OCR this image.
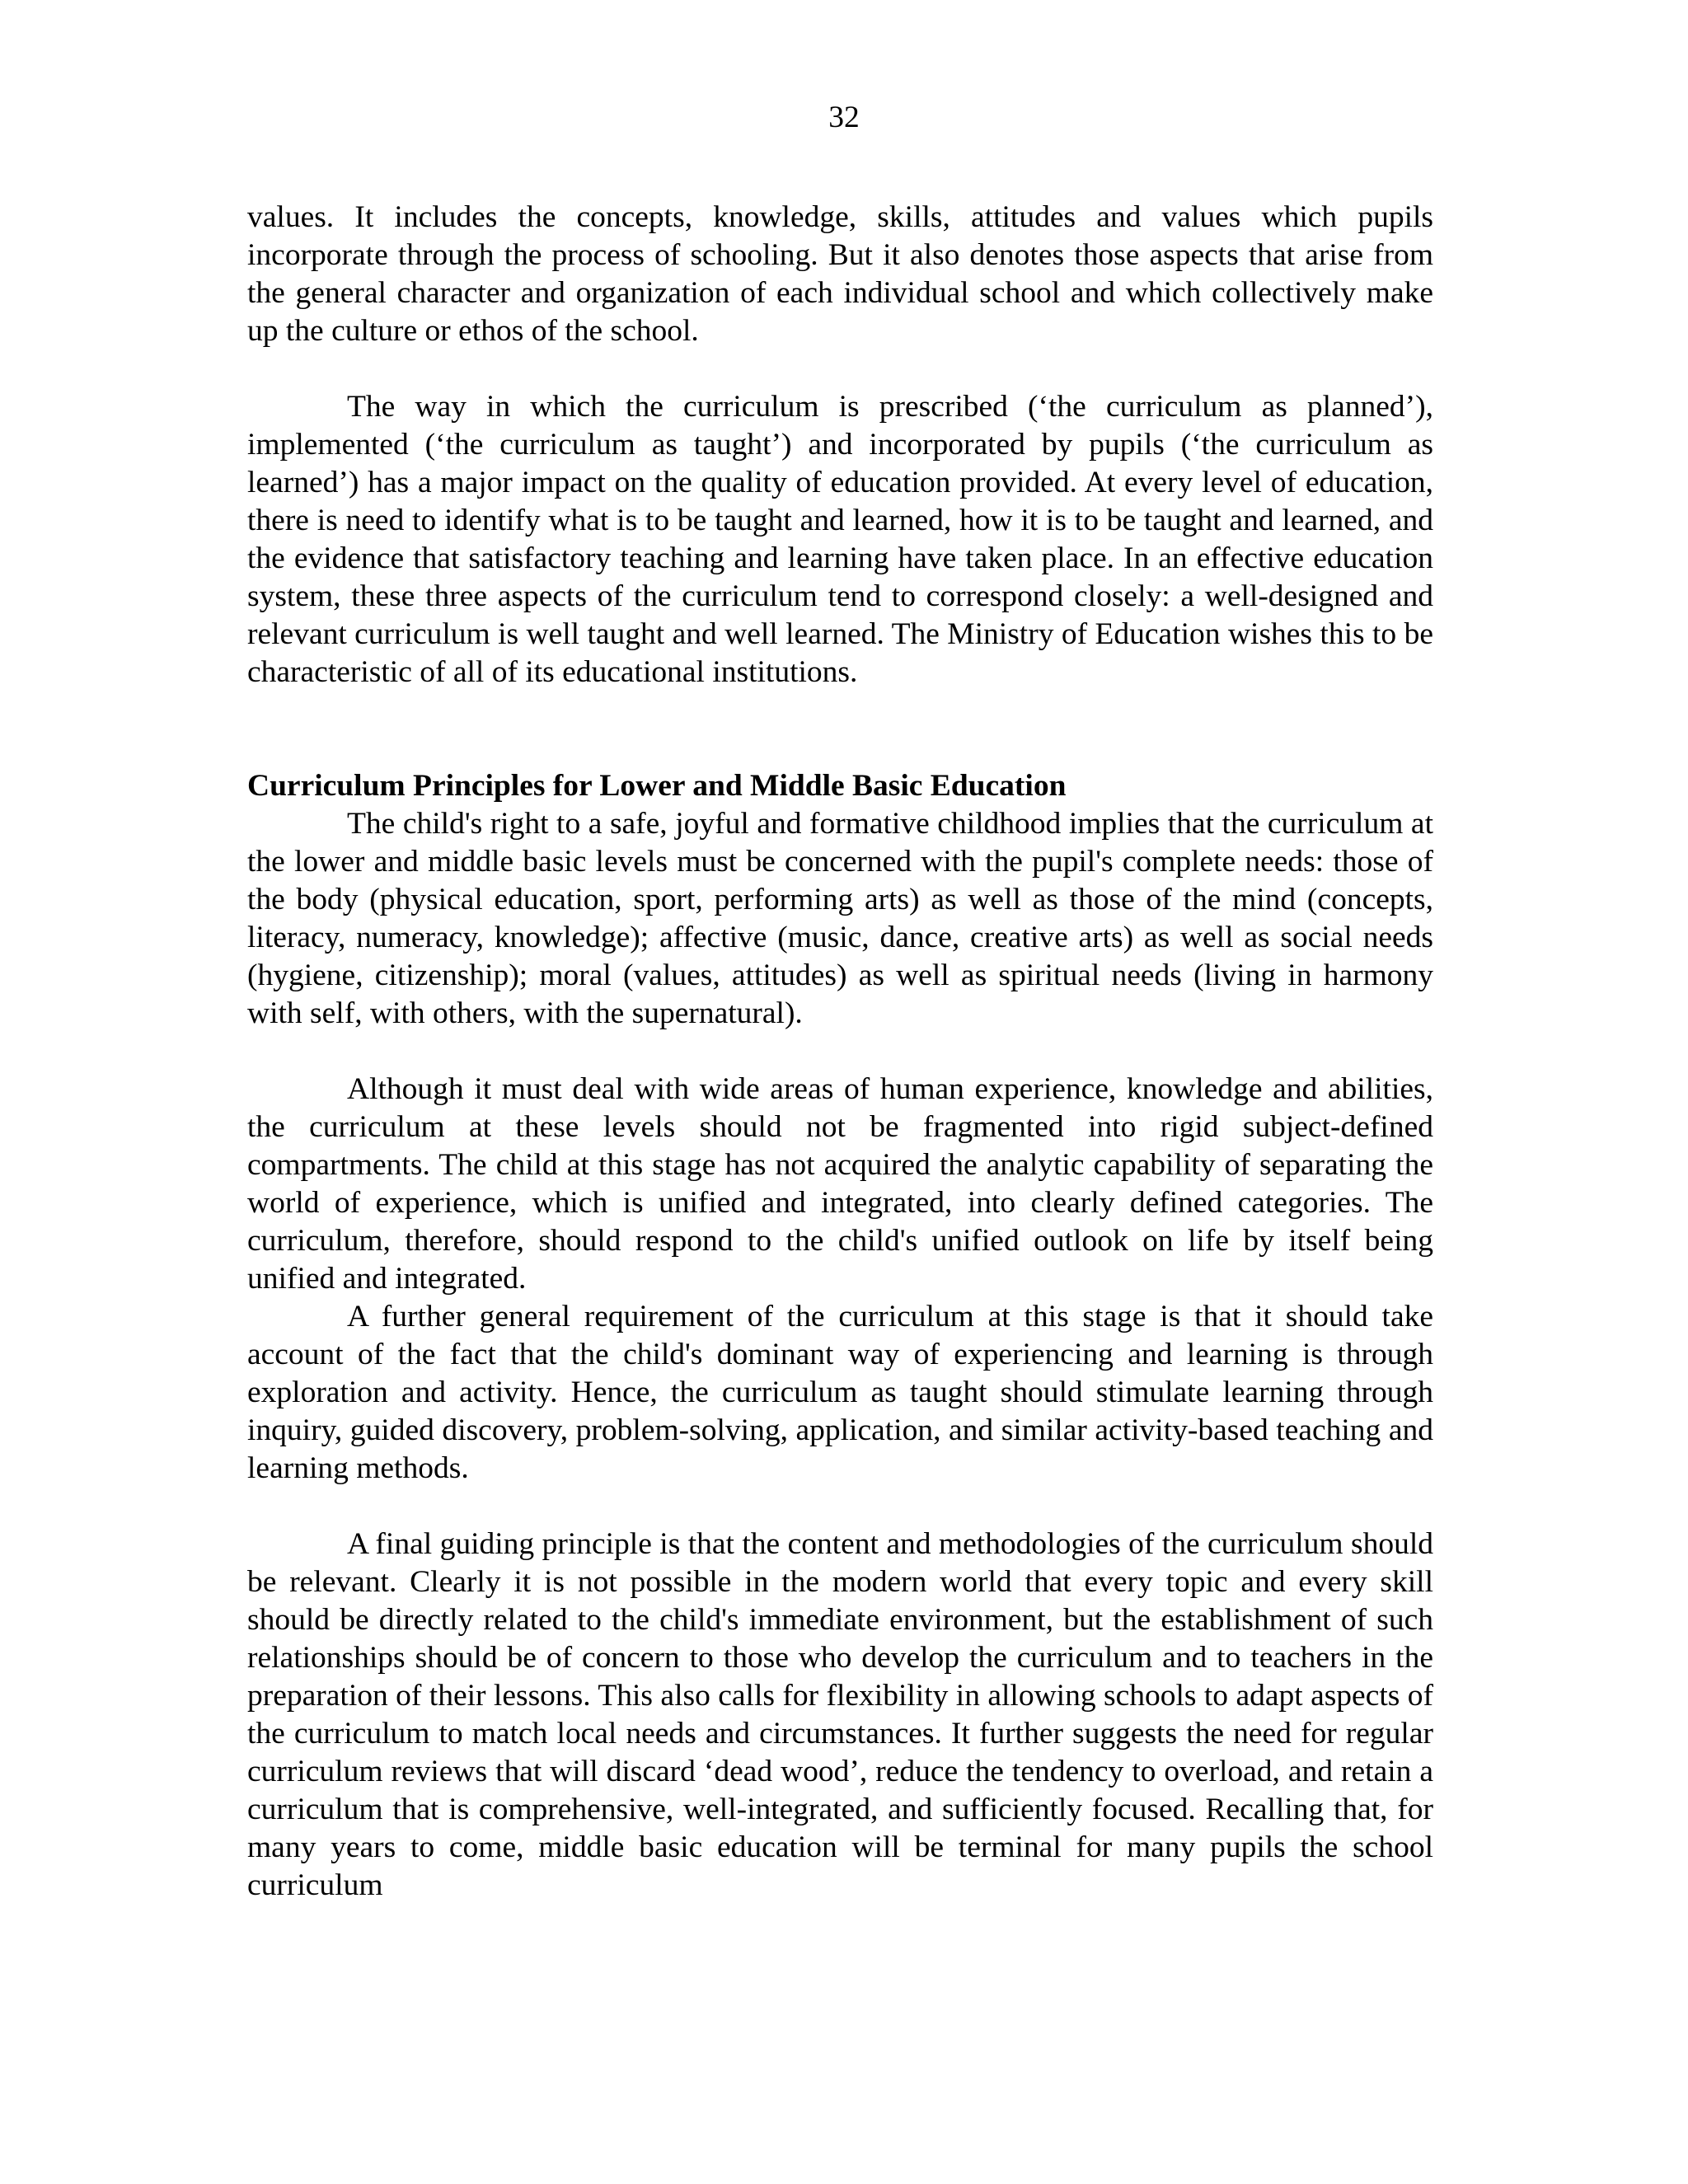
32

values. It includes the concepts, knowledge, skills, attitudes and values which pupils incorporate through the process of schooling. But it also denotes those aspects that arise from the general character and organization of each individual school and which collectively make up the culture or ethos of the school.

The way in which the curriculum is prescribed (‘the curriculum as planned’), implemented (‘the curriculum as taught’) and incorporated by pupils (‘the curriculum as learned’) has a major impact on the quality of education provided. At every level of education, there is need to identify what is to be taught and learned, how it is to be taught and learned, and the evidence that satisfactory teaching and learning have taken place. In an effective education system, these three aspects of the curriculum tend to correspond closely: a well-designed and relevant curriculum is well taught and well learned. The Ministry of Education wishes this to be characteristic of all of its educational institutions.

Curriculum Principles for Lower and Middle Basic Education

The child's right to a safe, joyful and formative childhood implies that the curriculum at the lower and middle basic levels must be concerned with the pupil's complete needs: those of the body (physical education, sport, performing arts) as well as those of the mind (concepts, literacy, numeracy, knowledge); affective (music, dance, creative arts) as well as social needs (hygiene, citizenship); moral (values, attitudes) as well as spiritual needs (living in harmony with self, with others, with the supernatural).

Although it must deal with wide areas of human experience, knowledge and abilities, the curriculum at these levels should not be fragmented into rigid subject-defined compartments. The child at this stage has not acquired the analytic capability of separating the world of experience, which is unified and integrated, into clearly defined categories. The curriculum, therefore, should respond to the child's unified outlook on life by itself being unified and integrated.

A further general requirement of the curriculum at this stage is that it should take account of the fact that the child's dominant way of experiencing and learning is through exploration and activity. Hence, the curriculum as taught should stimulate learning through inquiry, guided discovery, problem-solving, application, and similar activity-based teaching and learning methods.

A final guiding principle is that the content and methodologies of the curriculum should be relevant. Clearly it is not possible in the modern world that every topic and every skill should be directly related to the child's immediate environment, but the establishment of such relationships should be of concern to those who develop the curriculum and to teachers in the preparation of their lessons. This also calls for flexibility in allowing schools to adapt aspects of the curriculum to match local needs and circumstances. It further suggests the need for regular curriculum reviews that will discard ‘dead wood’, reduce the tendency to overload, and retain a curriculum that is comprehensive, well-integrated, and sufficiently focused. Recalling that, for many years to come, middle basic education will be terminal for many pupils the school curriculum
